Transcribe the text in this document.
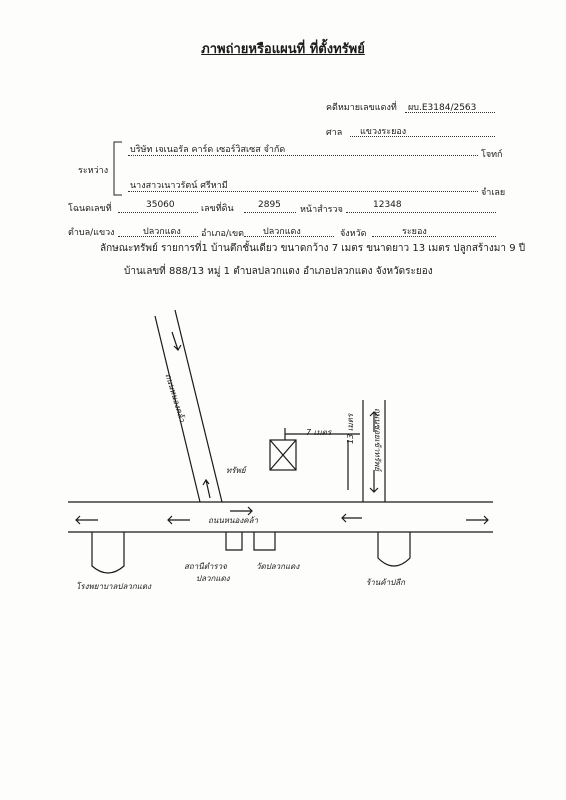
ภาพถ่ายหรือแผนที่ ที่ตั้งทรัพย์
คดีหมายเลขแดงที่ ผบ.E3184/2563
ศาล แขวงระยอง
ระหว่าง
บริษัท เจเนอรัล คาร์ด เซอร์วิสเซส จำกัด	โจทก์
นางสาวเนาวรัตน์ ศรีหามี
จำเลย
โฉนดเลขที่	35060	เลขที่ดิน	2895 หน้าสำรวจ	12348
ตำบล/แขวง	ปลวกแดง อำเภอ/เขต ปลวกแดง	จังหวัด	ระยอง
ลักษณะทรัพย์ รายการที่1 บ้านตึกชั้นเดียว ขนาดกว้าง 7 เมตร ขนาดยาว 13 เมตร ปลูกสร้างมา 9 ปี
บ้านเลขที่ 888/13 หมู่ 1 ตำบลปลวกแดง อำเภอปลวกแดง จังหวัดระยอง
ถนนหนองคล้า
ทรัพย์
7 เมตร 13 เมตร ถนนซอยเข้าทรัพย์
ถนนหนองคล้า
โรงพยาบาลปลวกแดง
สถานีตำรวจ
ปลวกแดง
วัดปลวกแดง
ร้านค้าปลีก
